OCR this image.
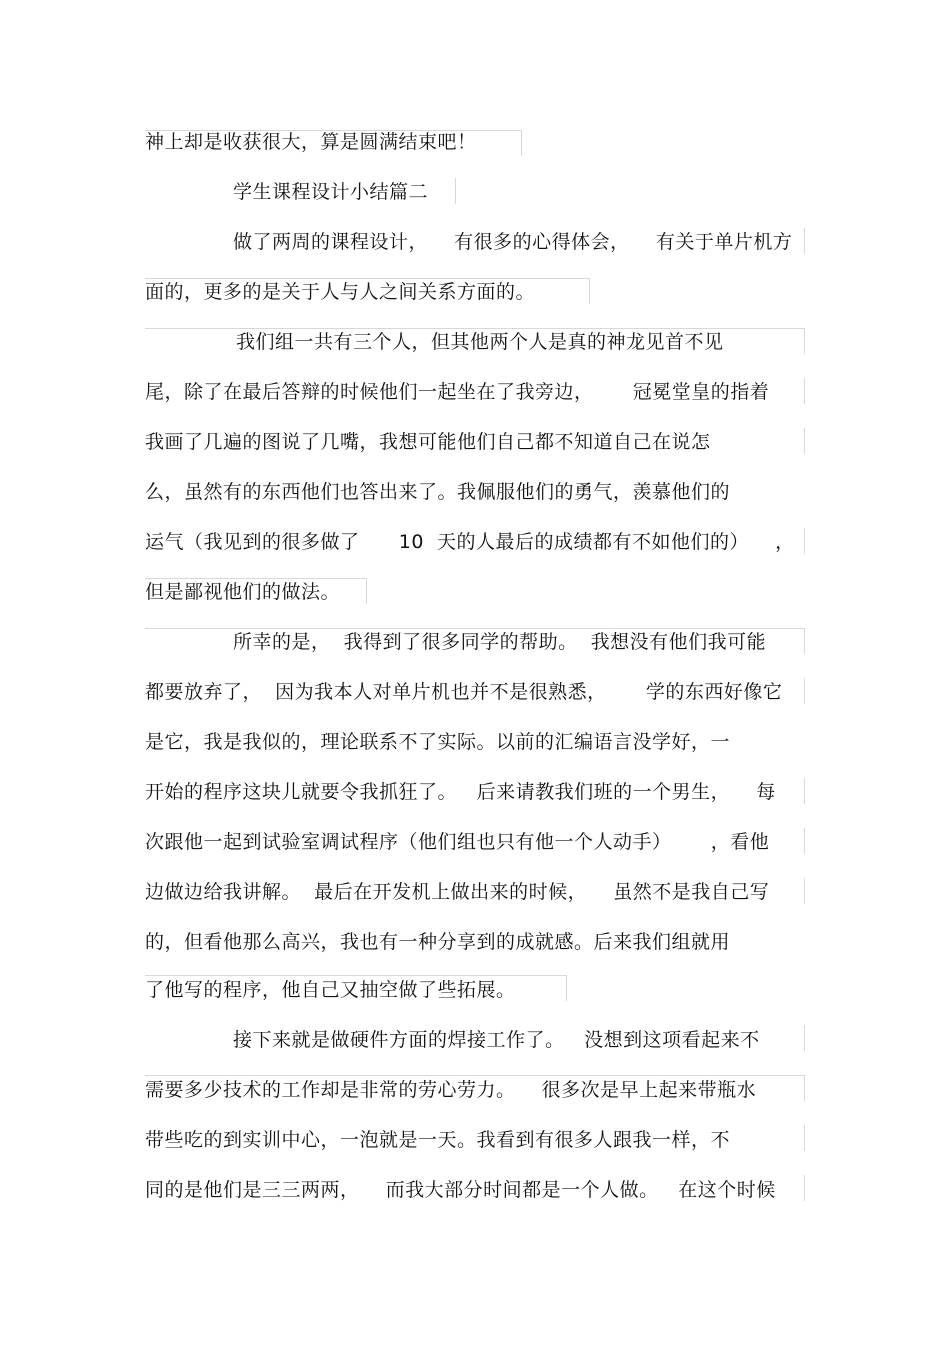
神上却是收获很大，算是圆满结束吧！
学生课程设计小结篇二
做了两周的课程设计，    有很多的心得体会，    有关于单片机方
面的，更多的是关于人与人之间关系方面的。
我们组一共有三个人，但其他两个人是真的神龙见首不见
尾，除了在最后答辩的时候他们一起坐在了我旁边，      冠冕堂皇的指着
我画了几遍的图说了几嘴，我想可能他们自己都不知道自己在说怎
么，虽然有的东西他们也答出来了。我佩服他们的勇气，羡慕他们的
运气（我见到的很多做了      10  天的人最后的成绩都有不如他们的）    ，
但是鄙视他们的做法。
所幸的是，  我得到了很多同学的帮助。  我想没有他们我可能
都要放弃了，  因为我本人对单片机也并不是很熟悉，      学的东西好像它
是它，我是我似的，理论联系不了实际。以前的汇编语言没学好，一
开始的程序这块儿就要令我抓狂了。   后来请教我们班的一个男生，    每
次跟他一起到试验室调试程序（他们组也只有他一个人动手）      ，看他
边做边给我讲解。  最后在开发机上做出来的时候，    虽然不是我自己写
的，但看他那么高兴，我也有一种分享到的成就感。后来我们组就用
了他写的程序，他自己又抽空做了些拓展。
接下来就是做硬件方面的焊接工作了。   没想到这项看起来不
需要多少技术的工作却是非常的劳心劳力。    很多次是早上起来带瓶水
带些吃的到实训中心，一泡就是一天。我看到有很多人跟我一样，不
同的是他们是三三两两，    而我大部分时间都是一个人做。   在这个时候
